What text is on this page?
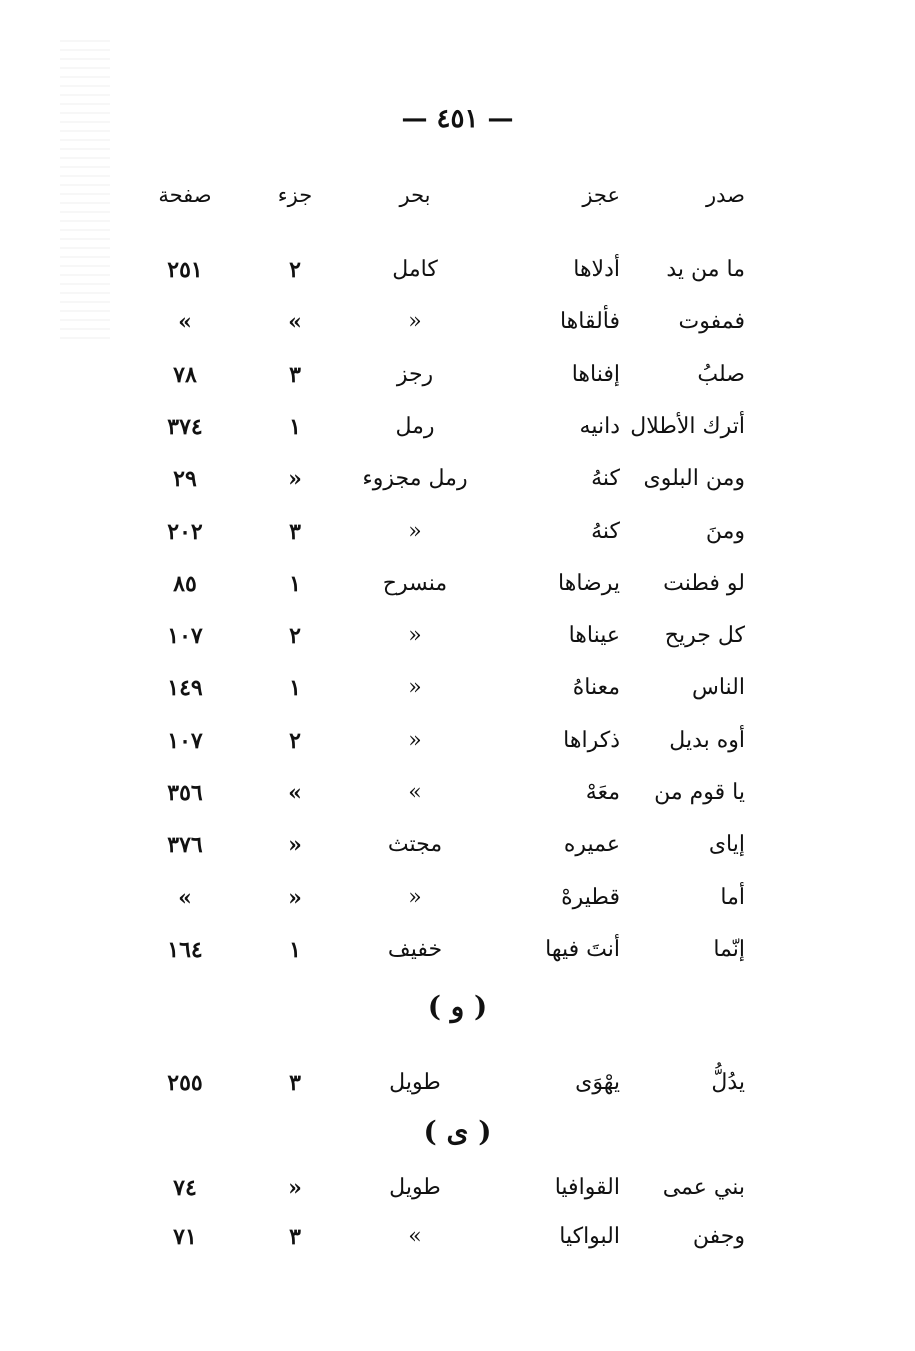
— ٤٥١ —
صدر
عجز
بحر
جزء
صفحة
ما من يد
أدلاها
كامل
٢
٢٥١
فمفوت
فألقاها
«
»
»
صلبُ
إفناها
رجز
٣
٧٨
أترك الأطلال
دانيه
رمل
١
٣٧٤
ومن البلوى
كنهُ
رمل مجزوء
«
٢٩
ومنَ
كنهُ
«
٣
٢٠٢
لو فطنت
يرضاها
منسرح
١
٨٥
كل جريح
عيناها
«
٢
١٠٧
الناس
معناهُ
«
١
١٤٩
أوه بديل
ذكراها
«
٢
١٠٧
يا قوم من
معَهْ
»
»
٣٥٦
إياى
عميره
مجتث
«
٣٧٦
أما
قطيرهْ
«
«
»
إنّما
أنتَ فيها
خفيف
١
١٦٤
( و )
يدُلُّ
يهْوَى
طويل
٣
٢٥٥
( ى )
بني عمى
القوافيا
طويل
«
٧٤
وجفن
البواكيا
»
٣
٧١
